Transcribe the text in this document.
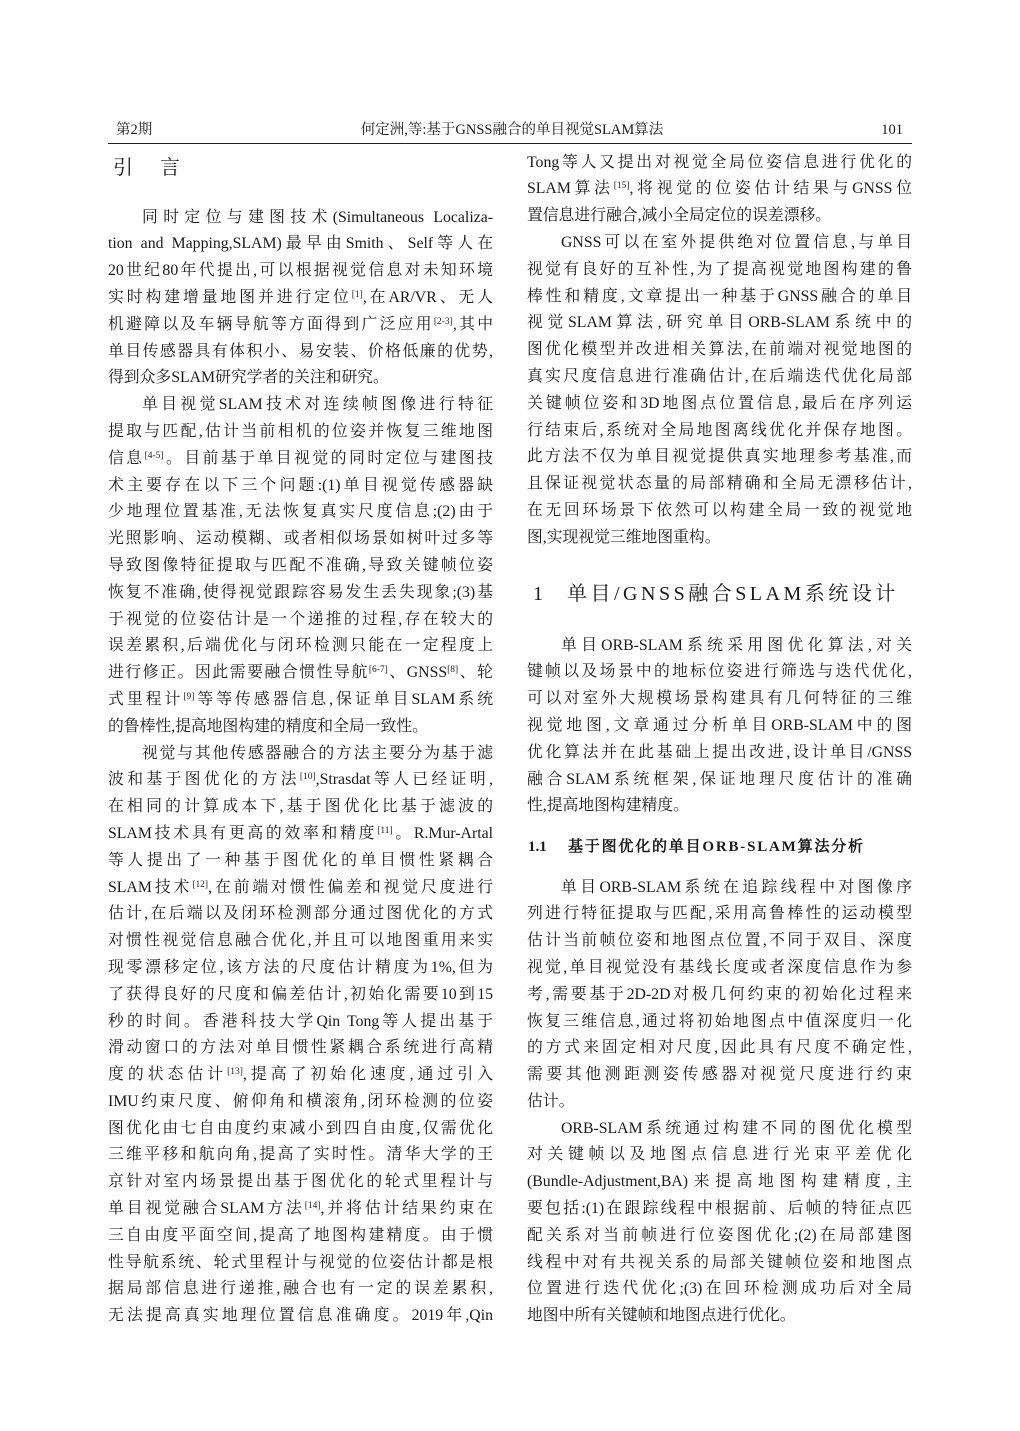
第2期	何定洲,等:基于GNSS融合的单目视觉SLAM算法	101
引　言
同时定位与建图技术(Simultaneous Localiza-
tion and Mapping,SLAM)最早由Smith、Self等人在
20世纪80年代提出,可以根据视觉信息对未知环境
实时构建增量地图并进行定位[1],在AR/VR、无人
机避障以及车辆导航等方面得到广泛应用[2-3],其中
单目传感器具有体积小、易安装、价格低廉的优势,
得到众多SLAM研究学者的关注和研究。
单目视觉SLAM技术对连续帧图像进行特征
提取与匹配,估计当前相机的位姿并恢复三维地图
信息[4-5]。目前基于单目视觉的同时定位与建图技
术主要存在以下三个问题:(1)单目视觉传感器缺
少地理位置基准,无法恢复真实尺度信息;(2)由于
光照影响、运动模糊、或者相似场景如树叶过多等
导致图像特征提取与匹配不准确,导致关键帧位姿
恢复不准确,使得视觉跟踪容易发生丢失现象;(3)基
于视觉的位姿估计是一个递推的过程,存在较大的
误差累积,后端优化与闭环检测只能在一定程度上
进行修正。因此需要融合惯性导航[6-7]、GNSS[8]、轮
式里程计[9]等等传感器信息,保证单目SLAM系统
的鲁棒性,提高地图构建的精度和全局一致性。
视觉与其他传感器融合的方法主要分为基于滤
波和基于图优化的方法[10],Strasdat等人已经证明,
在相同的计算成本下,基于图优化比基于滤波的
SLAM技术具有更高的效率和精度[11]。R.Mur-Artal
等人提出了一种基于图优化的单目惯性紧耦合
SLAM技术[12],在前端对惯性偏差和视觉尺度进行
估计,在后端以及闭环检测部分通过图优化的方式
对惯性视觉信息融合优化,并且可以地图重用来实
现零漂移定位,该方法的尺度估计精度为1%,但为
了获得良好的尺度和偏差估计,初始化需要10到15
秒的时间。香港科技大学Qin Tong等人提出基于
滑动窗口的方法对单目惯性紧耦合系统进行高精
度的状态估计[13],提高了初始化速度,通过引入
IMU约束尺度、俯仰角和横滚角,闭环检测的位姿
图优化由七自由度约束减小到四自由度,仅需优化
三维平移和航向角,提高了实时性。清华大学的王
京针对室内场景提出基于图优化的轮式里程计与
单目视觉融合SLAM方法[14],并将估计结果约束在
三自由度平面空间,提高了地图构建精度。由于惯
性导航系统、轮式里程计与视觉的位姿估计都是根
据局部信息进行递推,融合也有一定的误差累积,
无法提高真实地理位置信息准确度。2019年,Qin
Tong等人又提出对视觉全局位姿信息进行优化的
SLAM算法[15],将视觉的位姿估计结果与GNSS位
置信息进行融合,减小全局定位的误差漂移。
GNSS可以在室外提供绝对位置信息,与单目
视觉有良好的互补性,为了提高视觉地图构建的鲁
棒性和精度,文章提出一种基于GNSS融合的单目
视觉SLAM算法,研究单目ORB-SLAM系统中的
图优化模型并改进相关算法,在前端对视觉地图的
真实尺度信息进行准确估计,在后端迭代优化局部
关键帧位姿和3D地图点位置信息,最后在序列运
行结束后,系统对全局地图离线优化并保存地图。
此方法不仅为单目视觉提供真实地理参考基准,而
且保证视觉状态量的局部精确和全局无漂移估计,
在无回环场景下依然可以构建全局一致的视觉地
图,实现视觉三维地图重构。
1 单目/GNSS融合SLAM系统设计
单目ORB-SLAM系统采用图优化算法,对关
键帧以及场景中的地标位姿进行筛选与迭代优化,
可以对室外大规模场景构建具有几何特征的三维
视觉地图,文章通过分析单目ORB-SLAM中的图
优化算法并在此基础上提出改进,设计单目/GNSS
融合SLAM系统框架,保证地理尺度估计的准确
性,提高地图构建精度。
1.1 基于图优化的单目ORB-SLAM算法分析
单目ORB-SLAM系统在追踪线程中对图像序
列进行特征提取与匹配,采用高鲁棒性的运动模型
估计当前帧位姿和地图点位置,不同于双目、深度
视觉,单目视觉没有基线长度或者深度信息作为参
考,需要基于2D-2D对极几何约束的初始化过程来
恢复三维信息,通过将初始地图点中值深度归一化
的方式来固定相对尺度,因此具有尺度不确定性,
需要其他测距测姿传感器对视觉尺度进行约束
估计。
ORB-SLAM系统通过构建不同的图优化模型
对关键帧以及地图点信息进行光束平差优化
(Bundle-Adjustment,BA)来提高地图构建精度,主
要包括:(1)在跟踪线程中根据前、后帧的特征点匹
配关系对当前帧进行位姿图优化;(2)在局部建图
线程中对有共视关系的局部关键帧位姿和地图点
位置进行迭代优化;(3)在回环检测成功后对全局
地图中所有关键帧和地图点进行优化。
